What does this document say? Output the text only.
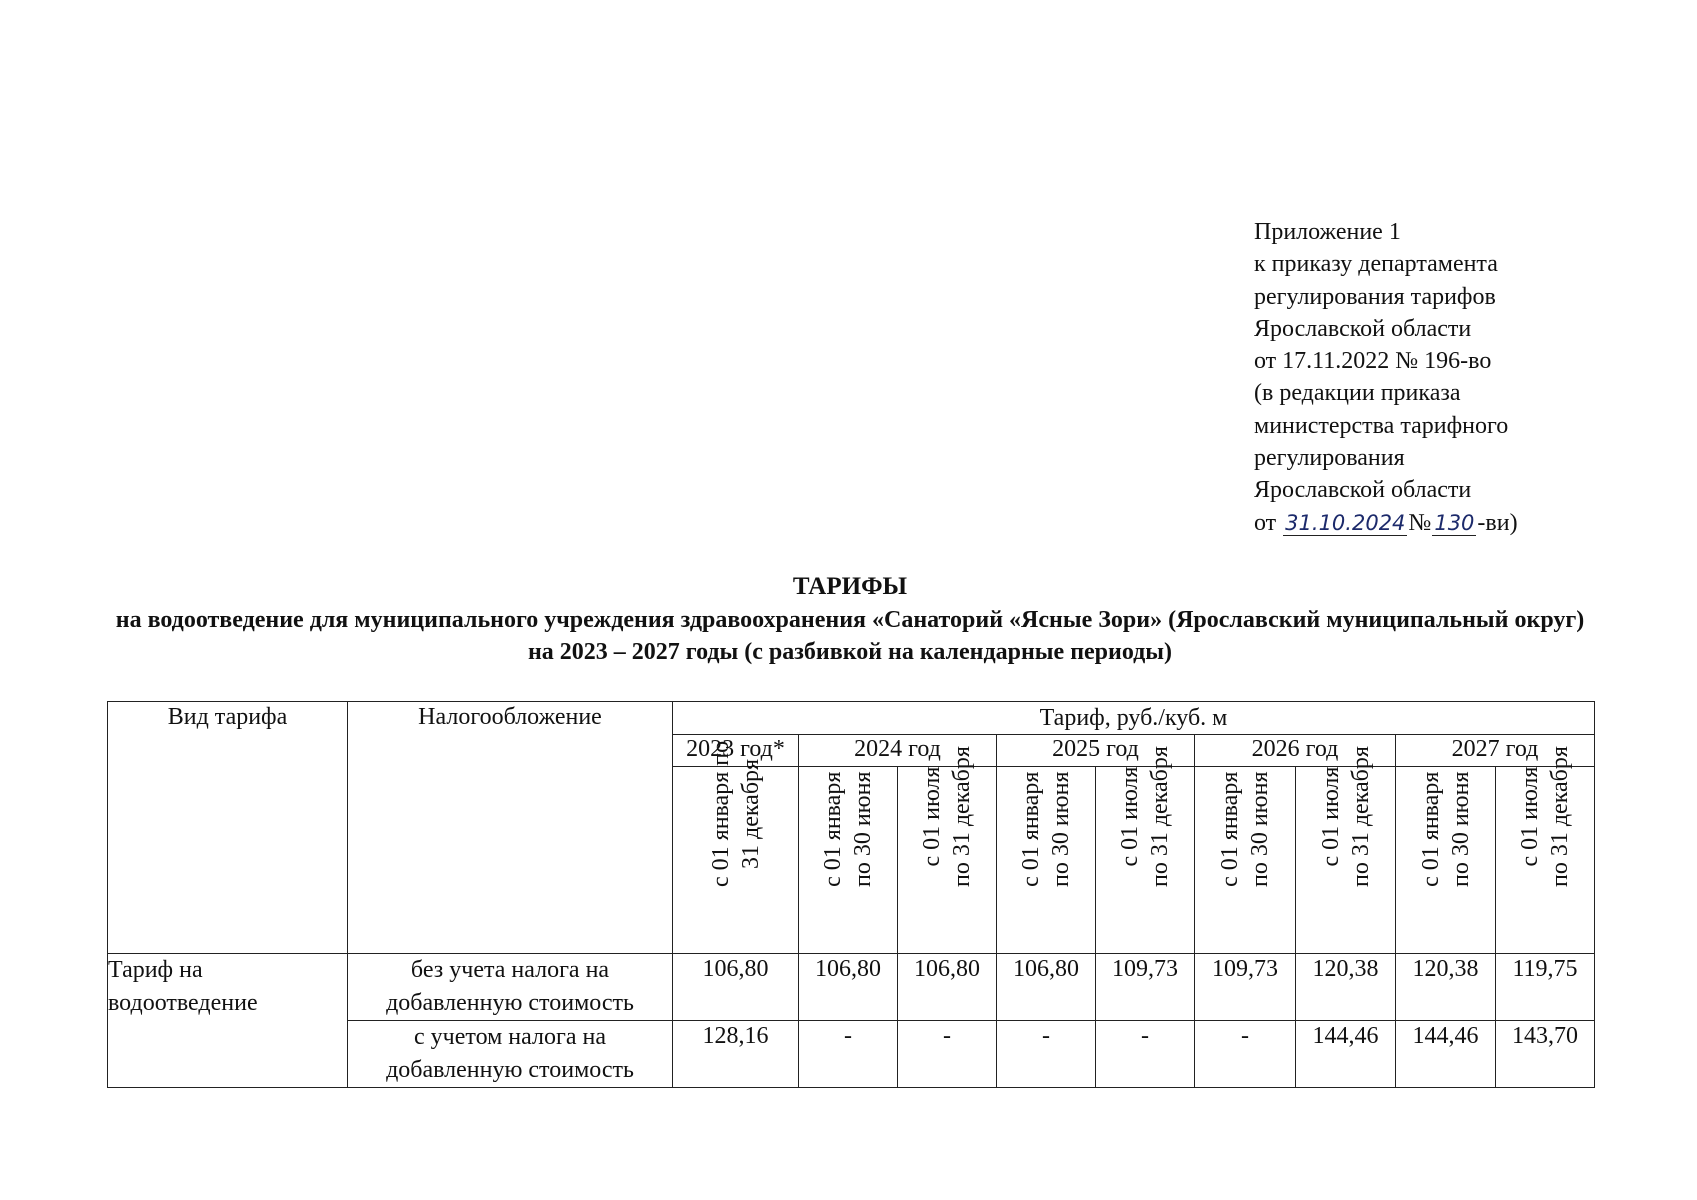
Приложение 1
к приказу департамента
регулирования тарифов
Ярославской области
от 17.11.2022 № 196-во
(в редакции приказа
министерства тарифного
регулирования
Ярославской области
от 31.10.2024 № 130 -ви)
ТАРИФЫ
на водоотведение для муниципального учреждения здравоохранения «Санаторий «Ясные Зори» (Ярославский муниципальный округ) на 2023 – 2027 годы (с разбивкой на календарные периоды)
Вид тарифа	Налогообложение	Тариф, руб./куб. м								
		2023 год*	2024 год		2025 год		2026 год		2027 год	

		с 01 января по 31 декабря	с 01 января по 30 июня	с 01 июля по 31 декабря	с 01 января по 30 июня	с 01 июля по 31 декабря	с 01 января по 30 июня	с 01 июля по 31 декабря	с 01 января по 30 июня	с 01 июля по 31 декабря

Тариф на водоотведение	без учета налога на добавленную стоимость	106,80	106,80	106,80	106,80	109,73	109,73	120,38	120,38	119,75
	с учетом налога на добавленную стоимость	128,16	-	-	-	-	-	144,46	144,46	143,70
